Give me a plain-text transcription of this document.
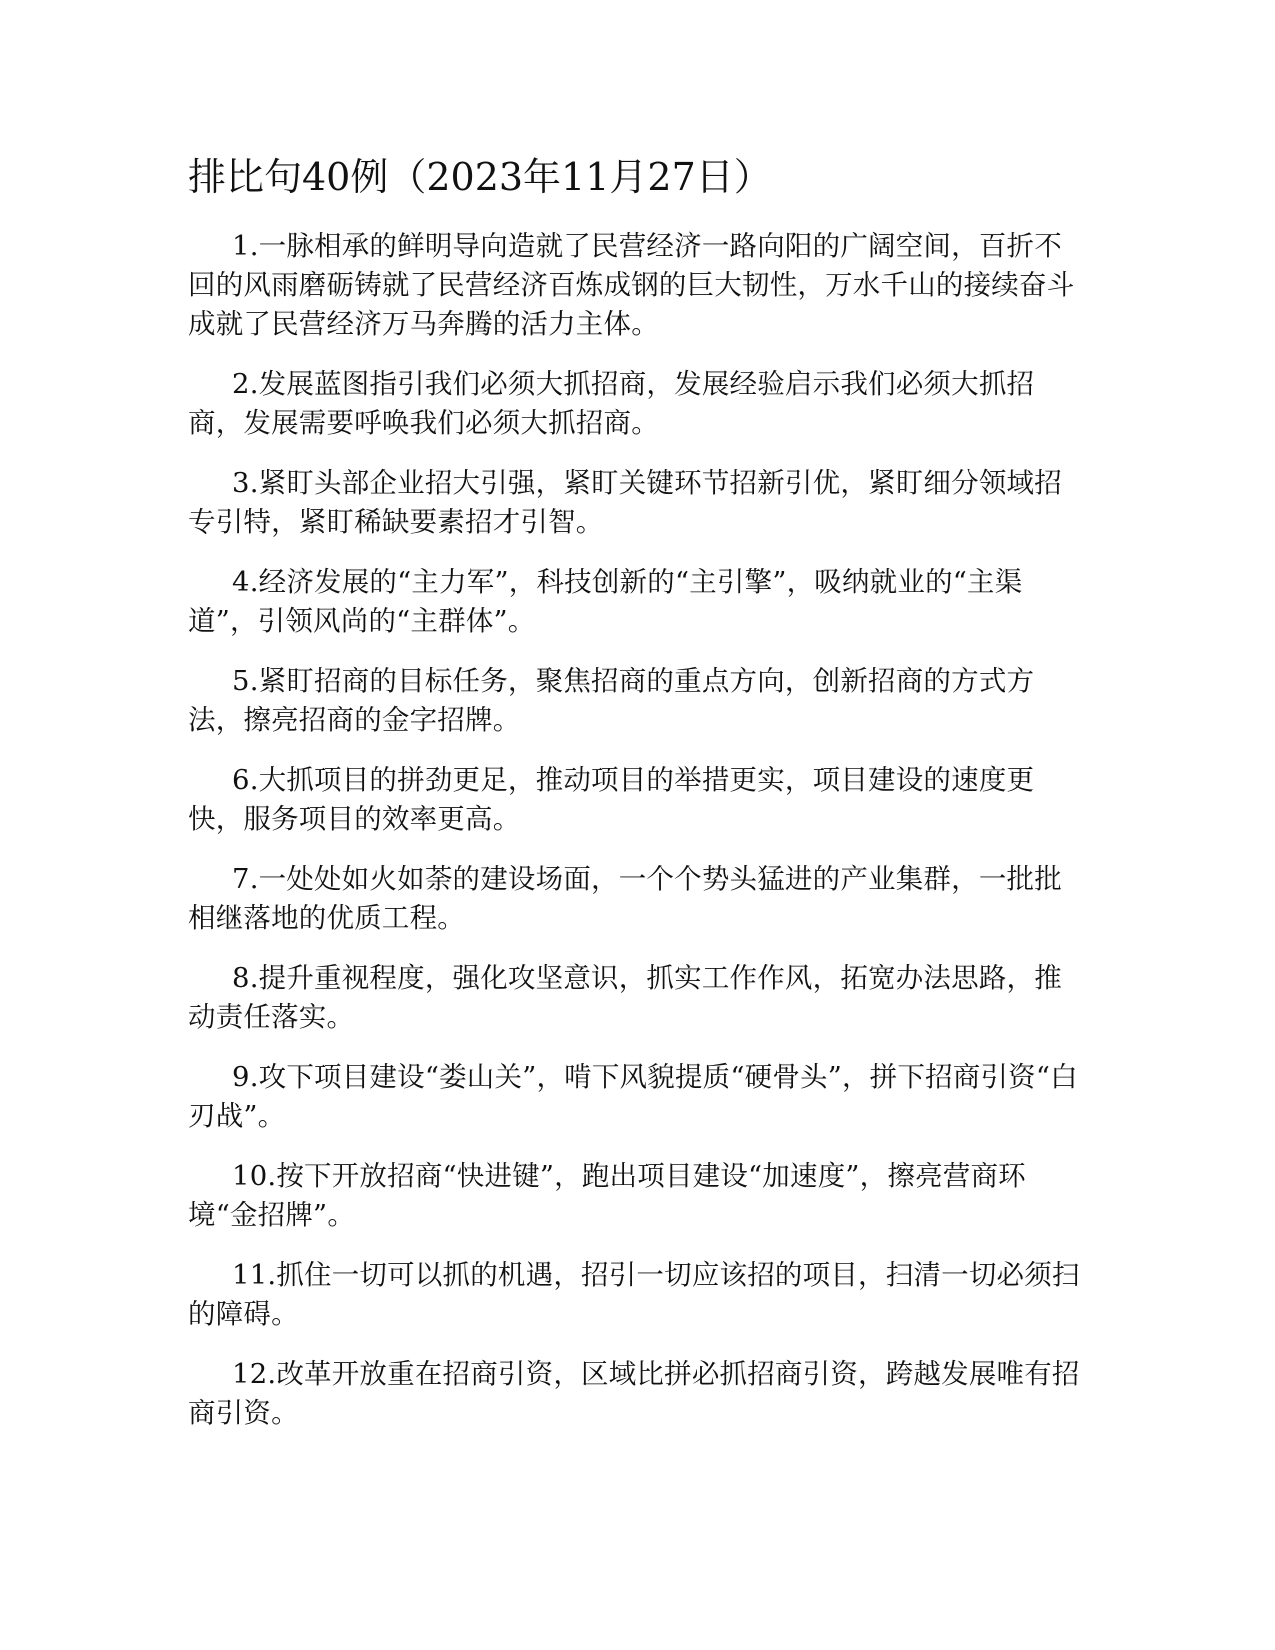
排比句40例（2023年11月27日）

1.一脉相承的鲜明导向造就了民营经济一路向阳的广阔空间，百折不回的风雨磨砺铸就了民营经济百炼成钢的巨大韧性，万水千山的接续奋斗成就了民营经济万马奔腾的活力主体。

2.发展蓝图指引我们必须大抓招商，发展经验启示我们必须大抓招商，发展需要呼唤我们必须大抓招商。

3.紧盯头部企业招大引强，紧盯关键环节招新引优，紧盯细分领域招专引特，紧盯稀缺要素招才引智。

4.经济发展的“主力军”，科技创新的“主引擎”，吸纳就业的“主渠道”，引领风尚的“主群体”。

5.紧盯招商的目标任务，聚焦招商的重点方向，创新招商的方式方法，擦亮招商的金字招牌。

6.大抓项目的拼劲更足，推动项目的举措更实，项目建设的速度更快，服务项目的效率更高。

7.一处处如火如荼的建设场面，一个个势头猛进的产业集群，一批批相继落地的优质工程。

8.提升重视程度，强化攻坚意识，抓实工作作风，拓宽办法思路，推动责任落实。

9.攻下项目建设“娄山关”，啃下风貌提质“硬骨头”，拼下招商引资“白刃战”。

10.按下开放招商“快进键”，跑出项目建设“加速度”，擦亮营商环境“金招牌”。

11.抓住一切可以抓的机遇，招引一切应该招的项目，扫清一切必须扫的障碍。

12.改革开放重在招商引资，区域比拼必抓招商引资，跨越发展唯有招商引资。
